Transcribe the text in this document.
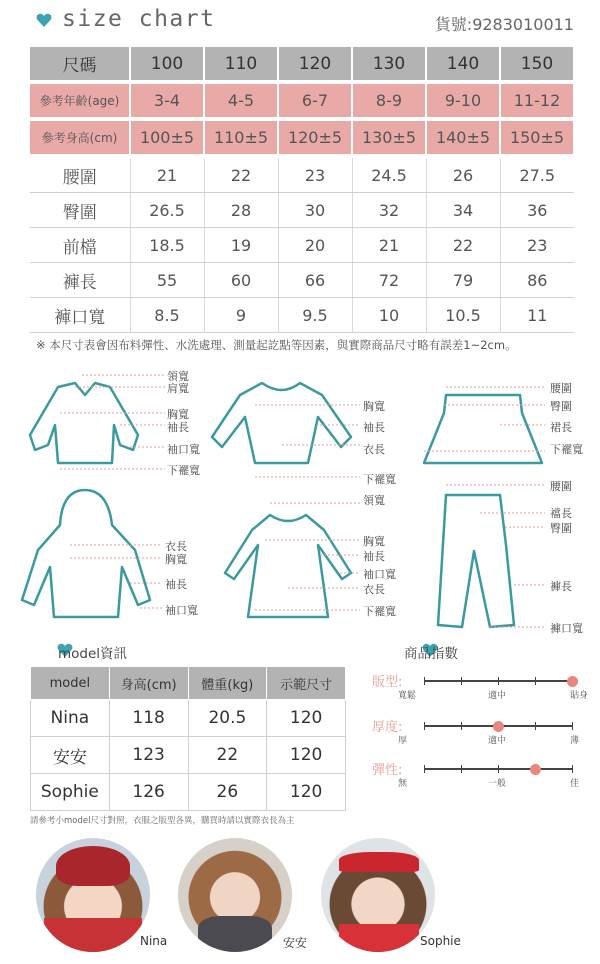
size chart	貨號:9283010011
尺碼	100	110	120	130	140	150

參考年齡(age)	3-4	4-5	6-7	8-9	9-10	11-12

參考身高(cm)	100±5	110±5	120±5	130±5	140±5	150±5

腰圍	21	22	23	24.5	26	27.5
臀圍	26.5	28	30	32	34	36
前檔	18.5	19	20	21	22	23
褲長	55	60	66	72	79	86
褲口寬	8.5	9	9.5	10	10.5	11
※ 本尺寸表會因布料彈性、水洗處理、測量起訖點等因素，與實際商品尺寸略有誤差1~2cm。
領寬
肩寬
胸寬
袖長
袖口寬
下襬寬
胸寬
袖長
衣長
下襬寬
腰圍
臀圍
裙長
下襬寬
衣長
胸寬
袖長
袖口寬
領寬
胸寬
袖長
袖口寬
衣長
下襬寬
腰圍
襠長
臀圍
褲長
褲口寬

model資訊
model	身高(cm)	體重(kg)	示範尺寸
Nina	118	20.5	120
安安	123	22	120
Sophie	126	26	120
請參考小model尺寸對照，衣服之版型各異，購買時請以實際衣長為主
商品指數
版型:
寬鬆	適中	貼身
厚度:
厚	適中	薄
彈性:
無	一般	佳
Nina	安安	Sophie
